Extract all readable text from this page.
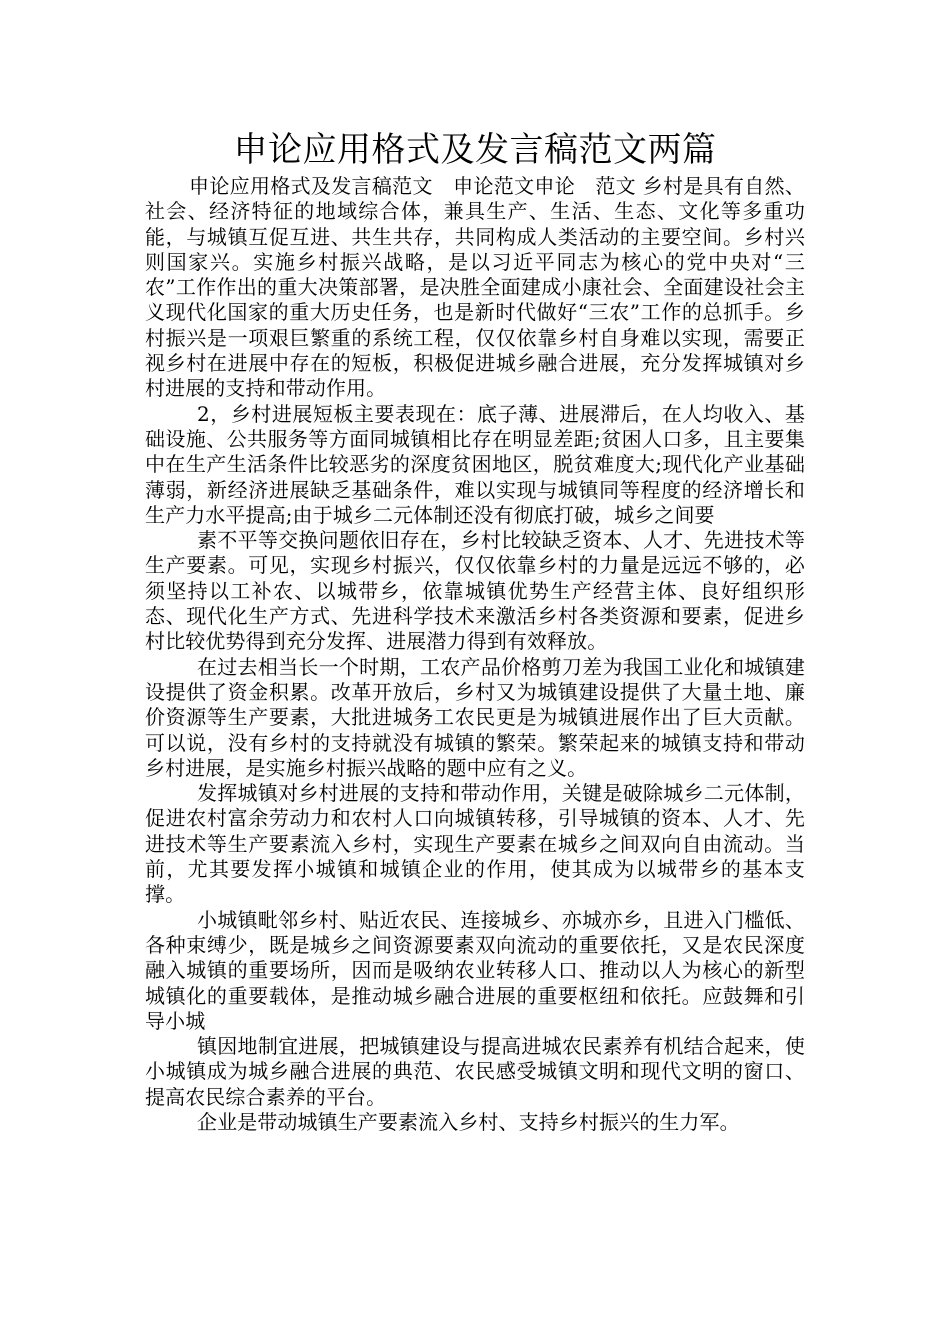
申论应用格式及发言稿范文两篇

申论应用格式及发言稿范文　申论范文申论　范文 乡村是具有自然、社会、经济特征的地域综合体，兼具生产、生活、生态、文化等多重功能，与城镇互促互进、共生共存，共同构成人类活动的主要空间。乡村兴则国家兴。实施乡村振兴战略，是以习近平同志为核心的党中央对“三农”工作作出的重大决策部署，是决胜全面建成小康社会、全面建设社会主义现代化国家的重大历史任务，也是新时代做好“三农”工作的总抓手。乡村振兴是一项艰巨繁重的系统工程，仅仅依靠乡村自身难以实现，需要正视乡村在进展中存在的短板，积极促进城乡融合进展，充分发挥城镇对乡村进展的支持和带动作用。

2，乡村进展短板主要表现在：底子薄、进展滞后，在人均收入、基础设施、公共服务等方面同城镇相比存在明显差距;贫困人口多，且主要集中在生产生活条件比较恶劣的深度贫困地区，脱贫难度大;现代化产业基础薄弱，新经济进展缺乏基础条件，难以实现与城镇同等程度的经济增长和生产力水平提高;由于城乡二元体制还没有彻底打破，城乡之间要

素不平等交换问题依旧存在，乡村比较缺乏资本、人才、先进技术等生产要素。可见，实现乡村振兴，仅仅依靠乡村的力量是远远不够的，必须坚持以工补农、以城带乡，依靠城镇优势生产经营主体、良好组织形态、现代化生产方式、先进科学技术来激活乡村各类资源和要素，促进乡村比较优势得到充分发挥、进展潜力得到有效释放。

在过去相当长一个时期，工农产品价格剪刀差为我国工业化和城镇建设提供了资金积累。改革开放后，乡村又为城镇建设提供了大量土地、廉价资源等生产要素，大批进城务工农民更是为城镇进展作出了巨大贡献。可以说，没有乡村的支持就没有城镇的繁荣。繁荣起来的城镇支持和带动乡村进展，是实施乡村振兴战略的题中应有之义。

发挥城镇对乡村进展的支持和带动作用，关键是破除城乡二元体制，促进农村富余劳动力和农村人口向城镇转移，引导城镇的资本、人才、先进技术等生产要素流入乡村，实现生产要素在城乡之间双向自由流动。当前，尤其要发挥小城镇和城镇企业的作用，使其成为以城带乡的基本支撑。

小城镇毗邻乡村、贴近农民、连接城乡、亦城亦乡，且进入门槛低、各种束缚少，既是城乡之间资源要素双向流动的重要依托，又是农民深度融入城镇的重要场所，因而是吸纳农业转移人口、推动以人为核心的新型城镇化的重要载体，是推动城乡融合进展的重要枢纽和依托。应鼓舞和引导小城

镇因地制宜进展，把城镇建设与提高进城农民素养有机结合起来，使小城镇成为城乡融合进展的典范、农民感受城镇文明和现代文明的窗口、提高农民综合素养的平台。

企业是带动城镇生产要素流入乡村、支持乡村振兴的生力军。
